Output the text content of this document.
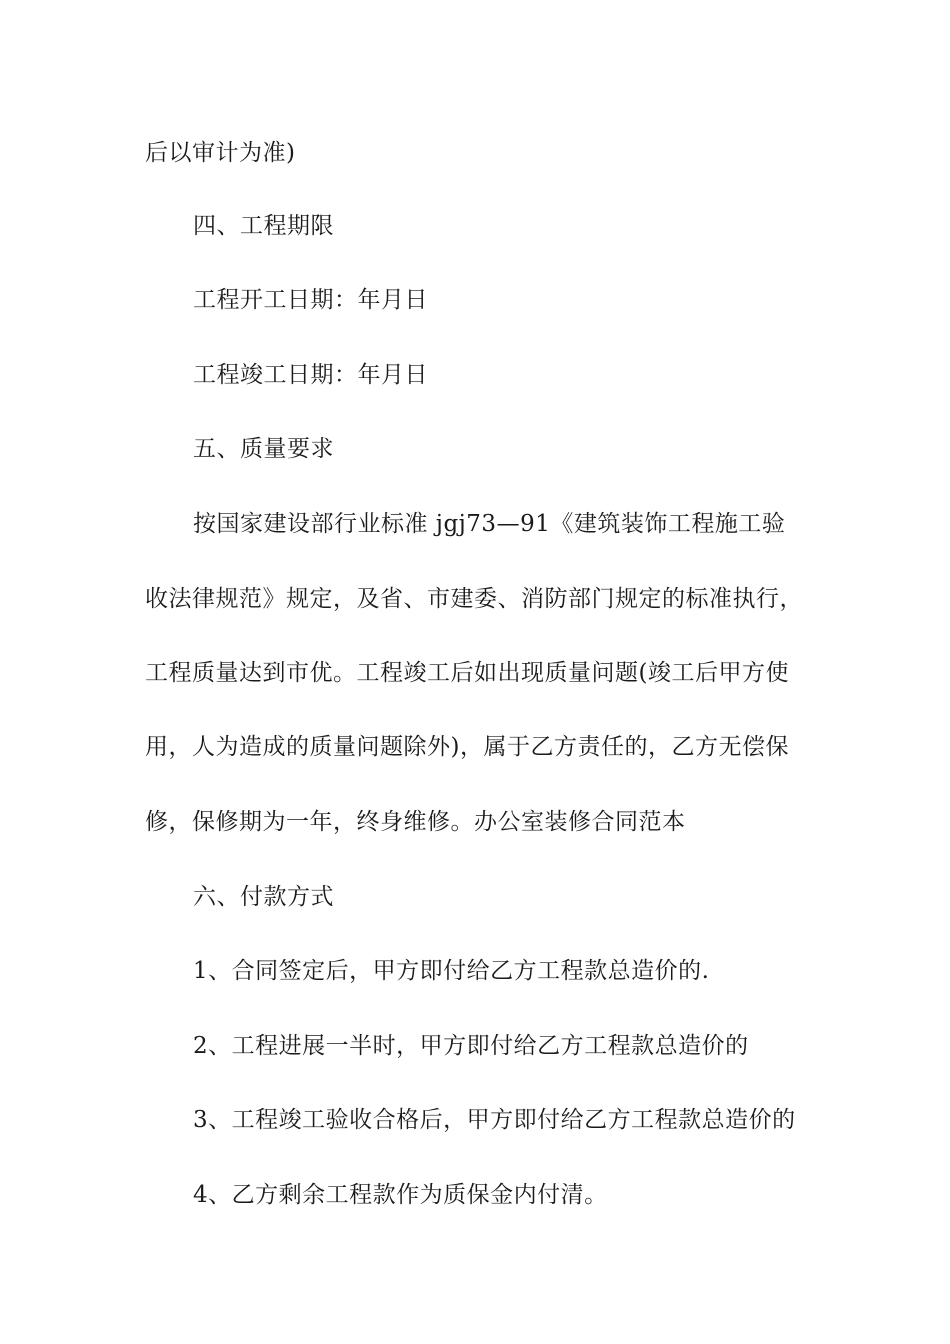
后以审计为准)

四、工程期限

工程开工日期：年月日

工程竣工日期：年月日

五、质量要求

按国家建设部行业标准 jgj73—91《建筑装饰工程施工验

收法律规范》规定，及省、市建委、消防部门规定的标准执行，

工程质量达到市优。工程竣工后如出现质量问题(竣工后甲方使

用，人为造成的质量问题除外)，属于乙方责任的，乙方无偿保

修，保修期为一年，终身维修。办公室装修合同范本

六、付款方式

1、合同签定后，甲方即付给乙方工程款总造价的.

2、工程进展一半时，甲方即付给乙方工程款总造价的

3、工程竣工验收合格后，甲方即付给乙方工程款总造价的

4、乙方剩余工程款作为质保金内付清。
